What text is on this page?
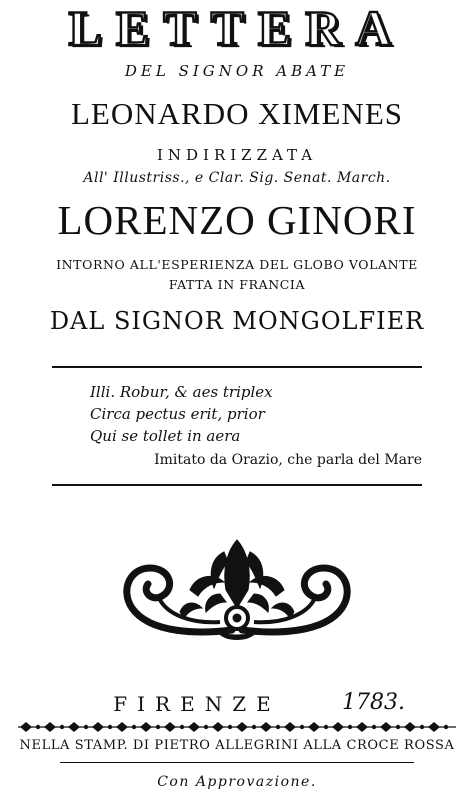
LETTERA
DEL SIGNOR ABATE
LEONARDO XIMENES
INDIRIZZATA
All' Illustriss., e Clar. Sig. Senat. March.
LORENZO GINORI
INTORNO ALL'ESPERIENZA DEL GLOBO VOLANTE
FATTA IN FRANCIA
DAL SIGNOR MONGOLFIER
Illi. Robur, & aes triplex
Circa pectus erit, prior
Qui se tollet in aera
Imitato da Orazio, che parla del Mare
FIRENZE	1783.
NELLA STAMP. DI PIETRO ALLEGRINI ALLA CROCE ROSSA
Con Approvazione.
